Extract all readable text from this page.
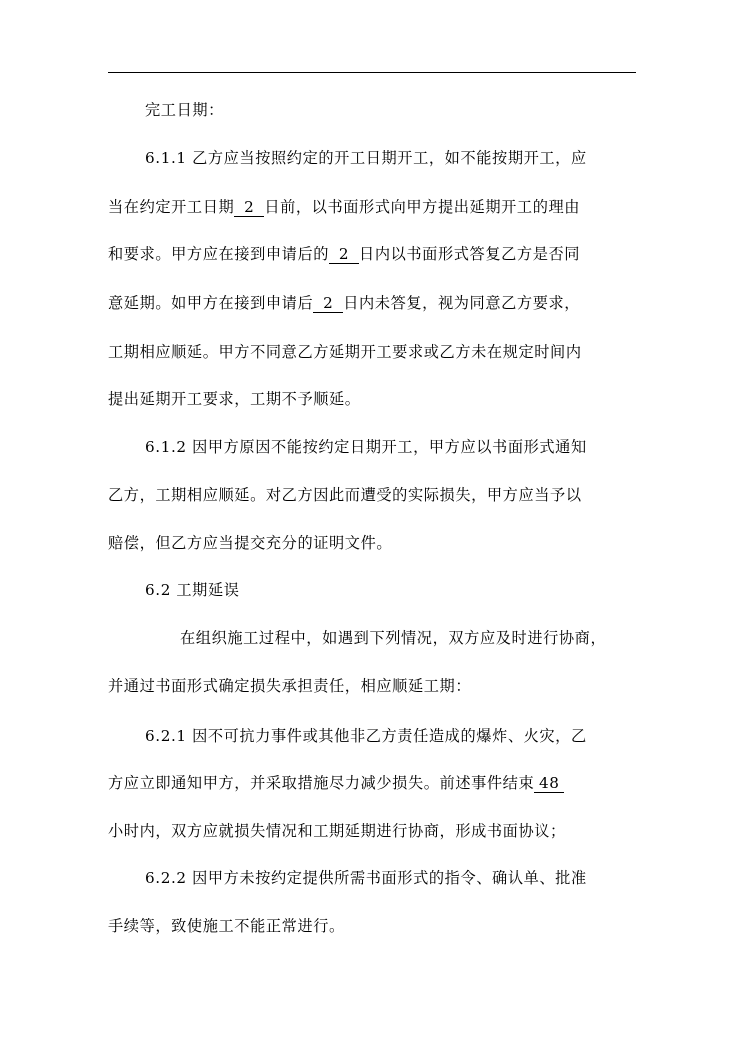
完工日期：
6.1.1 乙方应当按照约定的开工日期开工，如不能按期开工，应
当在约定开工日期 2 日前，以书面形式向甲方提出延期开工的理由
和要求。甲方应在接到申请后的 2 日内以书面形式答复乙方是否同
意延期。如甲方在接到申请后 2 日内未答复，视为同意乙方要求，
工期相应顺延。甲方不同意乙方延期开工要求或乙方未在规定时间内
提出延期开工要求，工期不予顺延。
6.1.2 因甲方原因不能按约定日期开工，甲方应以书面形式通知
乙方，工期相应顺延。对乙方因此而遭受的实际损失，甲方应当予以
赔偿，但乙方应当提交充分的证明文件。
6.2 工期延误
在组织施工过程中，如遇到下列情况，双方应及时进行协商，
并通过书面形式确定损失承担责任，相应顺延工期：
6.2.1 因不可抗力事件或其他非乙方责任造成的爆炸、火灾，乙
方应立即通知甲方，并采取措施尽力减少损失。前述事件结束 48
小时内，双方应就损失情况和工期延期进行协商，形成书面协议；
6.2.2 因甲方未按约定提供所需书面形式的指令、确认单、批准
手续等，致使施工不能正常进行。
